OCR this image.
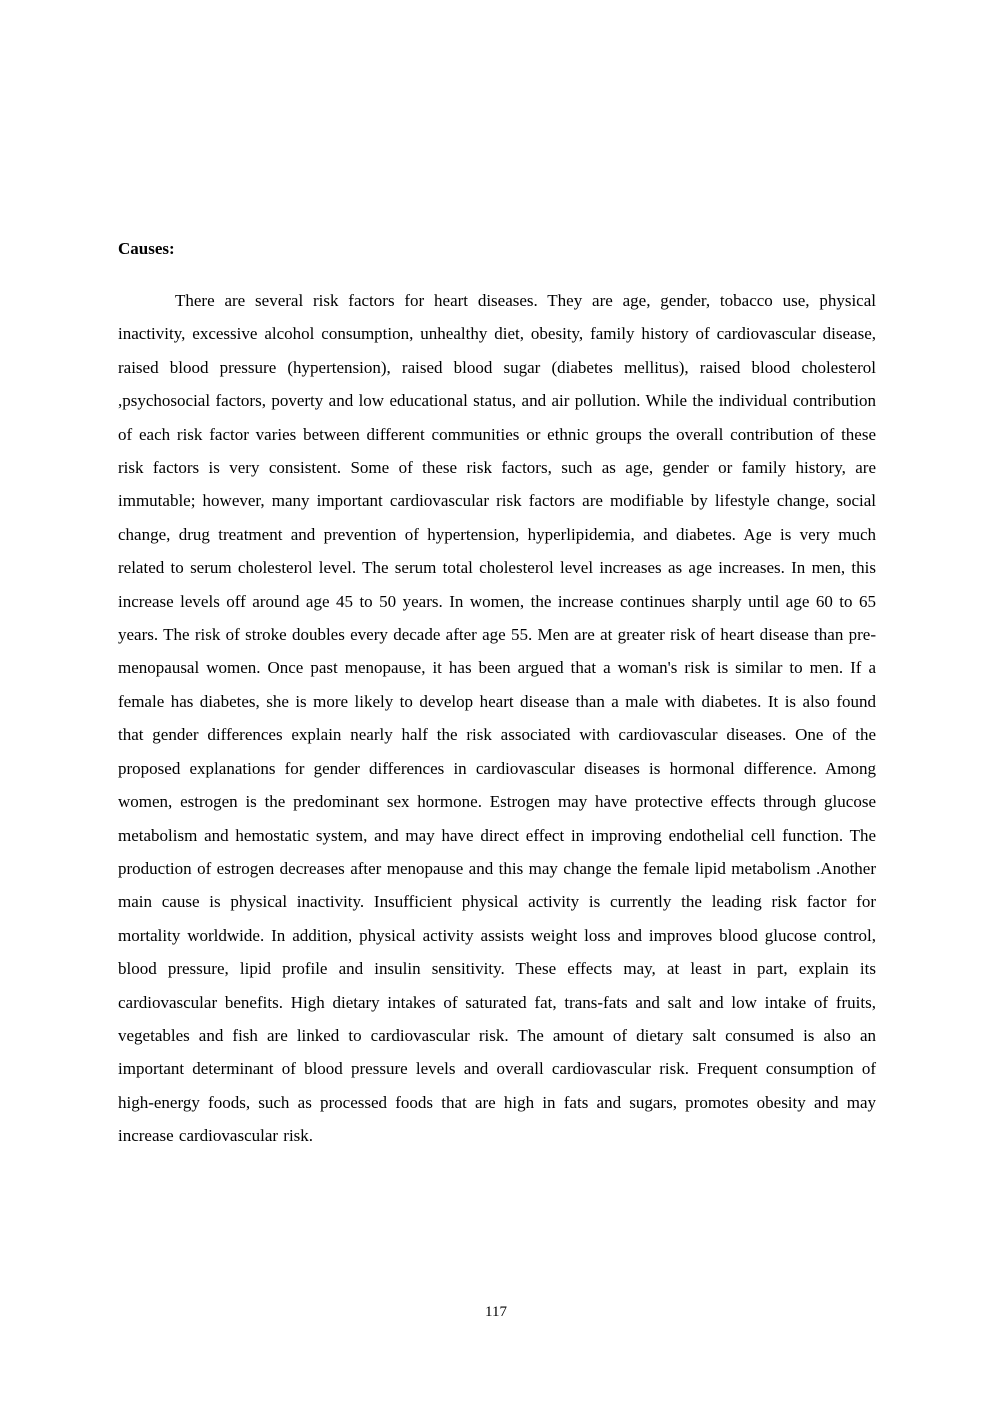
Causes:

There are several risk factors for heart diseases. They are age, gender, tobacco use, physical inactivity, excessive alcohol consumption, unhealthy diet, obesity, family history of cardiovascular disease, raised blood pressure (hypertension), raised blood sugar (diabetes mellitus), raised blood cholesterol ,psychosocial factors, poverty and low educational status, and air pollution. While the individual contribution of each risk factor varies between different communities or ethnic groups the overall contribution of these risk factors is very consistent. Some of these risk factors, such as age, gender or family history, are immutable; however, many important cardiovascular risk factors are modifiable by lifestyle change, social change, drug treatment and prevention of hypertension, hyperlipidemia, and diabetes. Age is very much related to serum cholesterol level. The serum total cholesterol level increases as age increases. In men, this increase levels off around age 45 to 50 years. In women, the increase continues sharply until age 60 to 65 years. The risk of stroke doubles every decade after age 55. Men are at greater risk of heart disease than pre-menopausal women. Once past menopause, it has been argued that a woman's risk is similar to men. If a female has diabetes, she is more likely to develop heart disease than a male with diabetes. It is also found that gender differences explain nearly half the risk associated with cardiovascular diseases. One of the proposed explanations for gender differences in cardiovascular diseases is hormonal difference. Among women, estrogen is the predominant sex hormone. Estrogen may have protective effects through glucose metabolism and hemostatic system, and may have direct effect in improving endothelial cell function. The production of estrogen decreases after menopause and this may change the female lipid metabolism .Another main cause is physical inactivity. Insufficient physical activity is currently the leading risk factor for mortality worldwide. In addition, physical activity assists weight loss and improves blood glucose control, blood pressure, lipid profile and insulin sensitivity. These effects may, at least in part, explain its cardiovascular benefits. High dietary intakes of saturated fat, trans-fats and salt and low intake of fruits, vegetables and fish are linked to cardiovascular risk. The amount of dietary salt consumed is also an important determinant of blood pressure levels and overall cardiovascular risk. Frequent consumption of high-energy foods, such as processed foods that are high in fats and sugars, promotes obesity and may increase cardiovascular risk.

117
